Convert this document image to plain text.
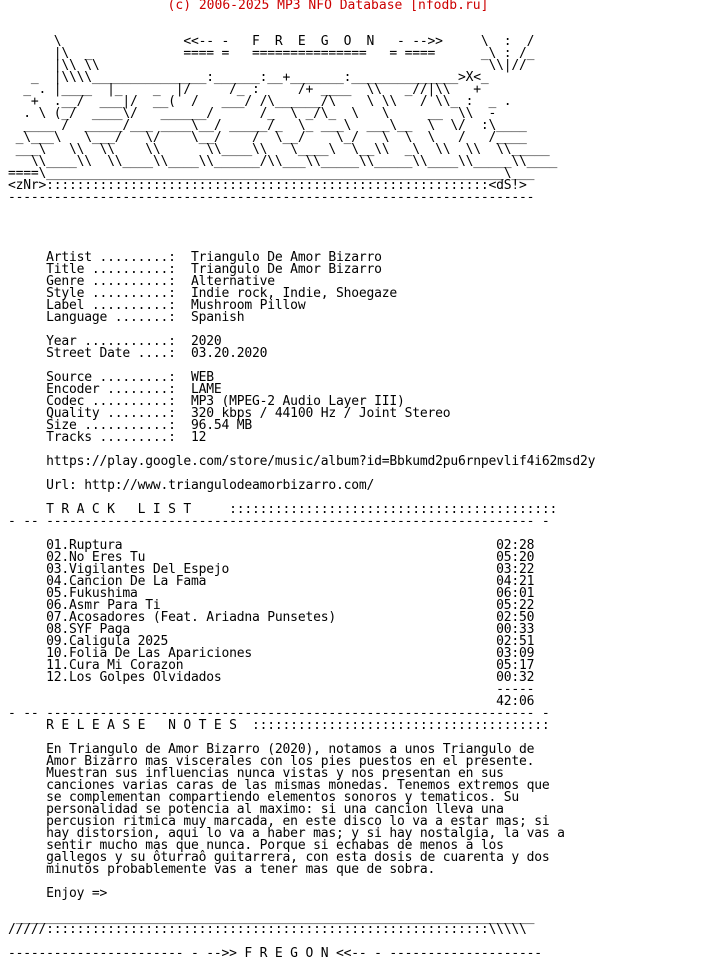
(c) 2006-2025 MP3 NFO Database [nfodb.ru]

\                <<-- -   F  R  E  G  O  N   - -->>     \  :  /
|\  _            ==== =   ===============   = ====      _\ : /_
|\\ \\                                                   \\|//
_  |\\\\_______________:______:__+_______:______________>X<_
_ . |____  |_    _  |/     /_ :     /+ ____  \\   _//|\\   +
+  .__/  ___|/  __(  /   ___/ /\______/\    \ \\   / \\_ :  _ .
. \ (_/  ____\/   ______/      /_  \ _/\_  \   \     __  \\  -
____ /  _____/___ ____\__/ _____/_  \_ ___\  ___\__  \  \/  :\____
_\___\   \___/   \/    \__/    /  \__/    \_/   \  \  \   /   /____
___\   \\  \\    \\      \\____\\   \____\  \__\\  _\  \\  \\  \\_____
\\____\\  \\____\\____\\______/\\___\\_____\\_____\\____\\_____\\____
====\____________________________________________________________\___
<zNr>::::::::::::::::::::::::::::::::::::::::::::::::::::::::::<dS!>
---------------------------------------------------------------------

Artist .........:  Triangulo De Amor Bizarro
Title ..........:  Triangulo De Amor Bizarro
Genre ..........:  Alternative
Style ..........:  Indie rock, Indie, Shoegaze
Label ..........:  Mushroom Pillow
Language .......:  Spanish

Year ...........:  2020
Street Date ....:  03.20.2020

Source .........:  WEB
Encoder ........:  LAME
Codec ..........:  MP3 (MPEG-2 Audio Layer III)
Quality ........:  320 kbps / 44100 Hz / Joint Stereo
Size ...........:  96.54 MB
Tracks .........:  12

https://play.google.com/store/music/album?id=Bbkumd2pu6rnpevlif4i62msd2y

Url: http://www.triangulodeamorbizarro.com/

T R A C K   L I S T     :::::::::::::::::::::::::::::::::::::::::::
- -- ---------------------------------------------------------------- -

01.Ruptura                                                 02:28
02.No Eres Tu                                              05:20
03.Vigilantes Del Espejo                                   03:22
04.Cancion De La Fama                                      04:21
05.Fukushima                                               06:01
06.Asmr Para Ti                                            05:22
07.Acosadores (Feat. Ariadna Punsetes)                     02:50
08.SYF Paga                                                00:33
09.Caligula 2025                                           02:51
10.Folia De Las Apariciones                                03:09
11.Cura Mi Corazon                                         05:17
12.Los Golpes Olvidados                                    00:32
-----
42:06
- -- ---------------------------------------------------------------- -
R E L E A S E   N O T E S  :::::::::::::::::::::::::::::::::::::::

En Triangulo de Amor Bizarro (2020), notamos a unos Triangulo de
Amor Bizarro mas viscerales con los pies puestos en el presente.
Muestran sus influencias nunca vistas y nos presentan en sus
canciones varias caras de las mismas monedas. Tenemos extremos que
se complementan compartiendo elementos sonoros y tematicos. Su
personalidad se potencia al maximo: si una cancion lleva una
percusion ritmica muy marcada, en este disco lo va a estar mas; si
hay distorsion, aqui lo va a haber mas; y si hay nostalgia, la vas a
sentir mucho mas que nunca. Porque si echabas de menos a los
gallegos y su ôturraô guitarrera, con esta dosis de cuarenta y dos
minutos probablemente vas a tener mas que de sobra.

Enjoy =>

____________________________________________________________________
/////::::::::::::::::::::::::::::::::::::::::::::::::::::::::::\\\\\

----------------------- - -->> F R E G O N <<-- - --------------------
